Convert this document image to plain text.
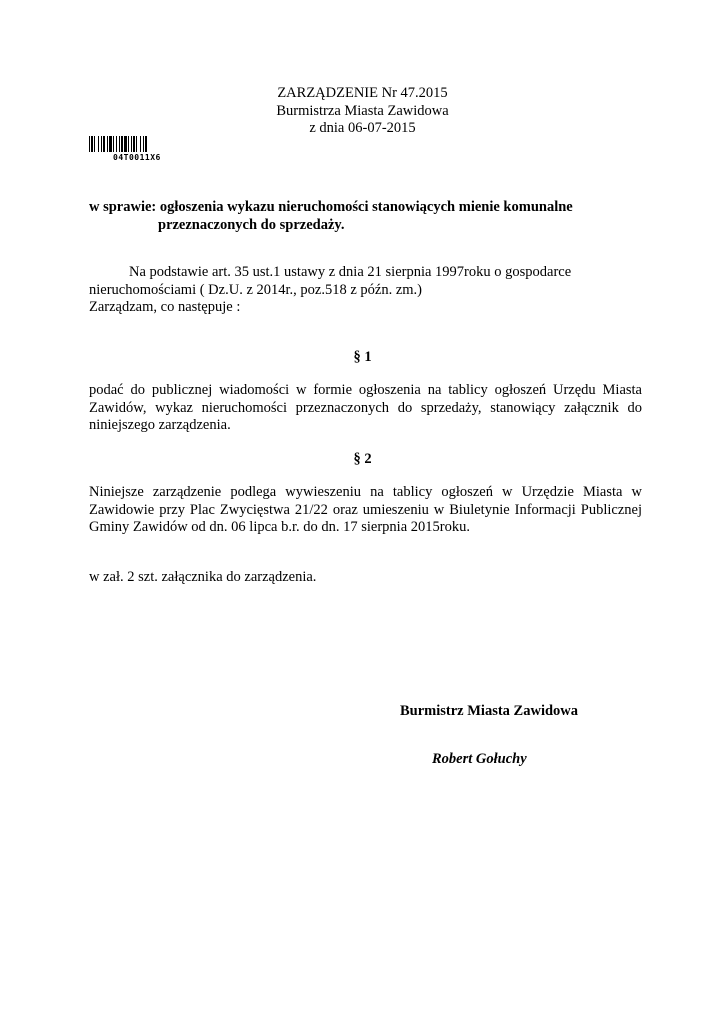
ZARZĄDZENIE Nr 47.2015
Burmistrza Miasta Zawidowa
z dnia 06-07-2015
04T0011X6
w sprawie: ogłoszenia wykazu nieruchomości stanowiących mienie komunalne
przeznaczonych do sprzedaży.
Na podstawie art. 35 ust.1 ustawy z dnia 21 sierpnia 1997roku o gospodarce
nieruchomościami ( Dz.U. z 2014r., poz.518 z późn. zm.)
Zarządzam, co następuje :
§ 1
podać do publicznej wiadomości w formie ogłoszenia na tablicy ogłoszeń Urzędu Miasta Zawidów, wykaz nieruchomości przeznaczonych do sprzedaży, stanowiący załącznik do niniejszego zarządzenia.
§ 2
Niniejsze zarządzenie podlega wywieszeniu na tablicy ogłoszeń w Urzędzie Miasta w Zawidowie przy Plac Zwycięstwa 21/22 oraz umieszeniu w Biuletynie Informacji Publicznej Gminy Zawidów od dn. 06 lipca b.r. do dn. 17 sierpnia 2015roku.
w zał. 2 szt. załącznika do zarządzenia.
Burmistrz Miasta Zawidowa
Robert Gołuchy
